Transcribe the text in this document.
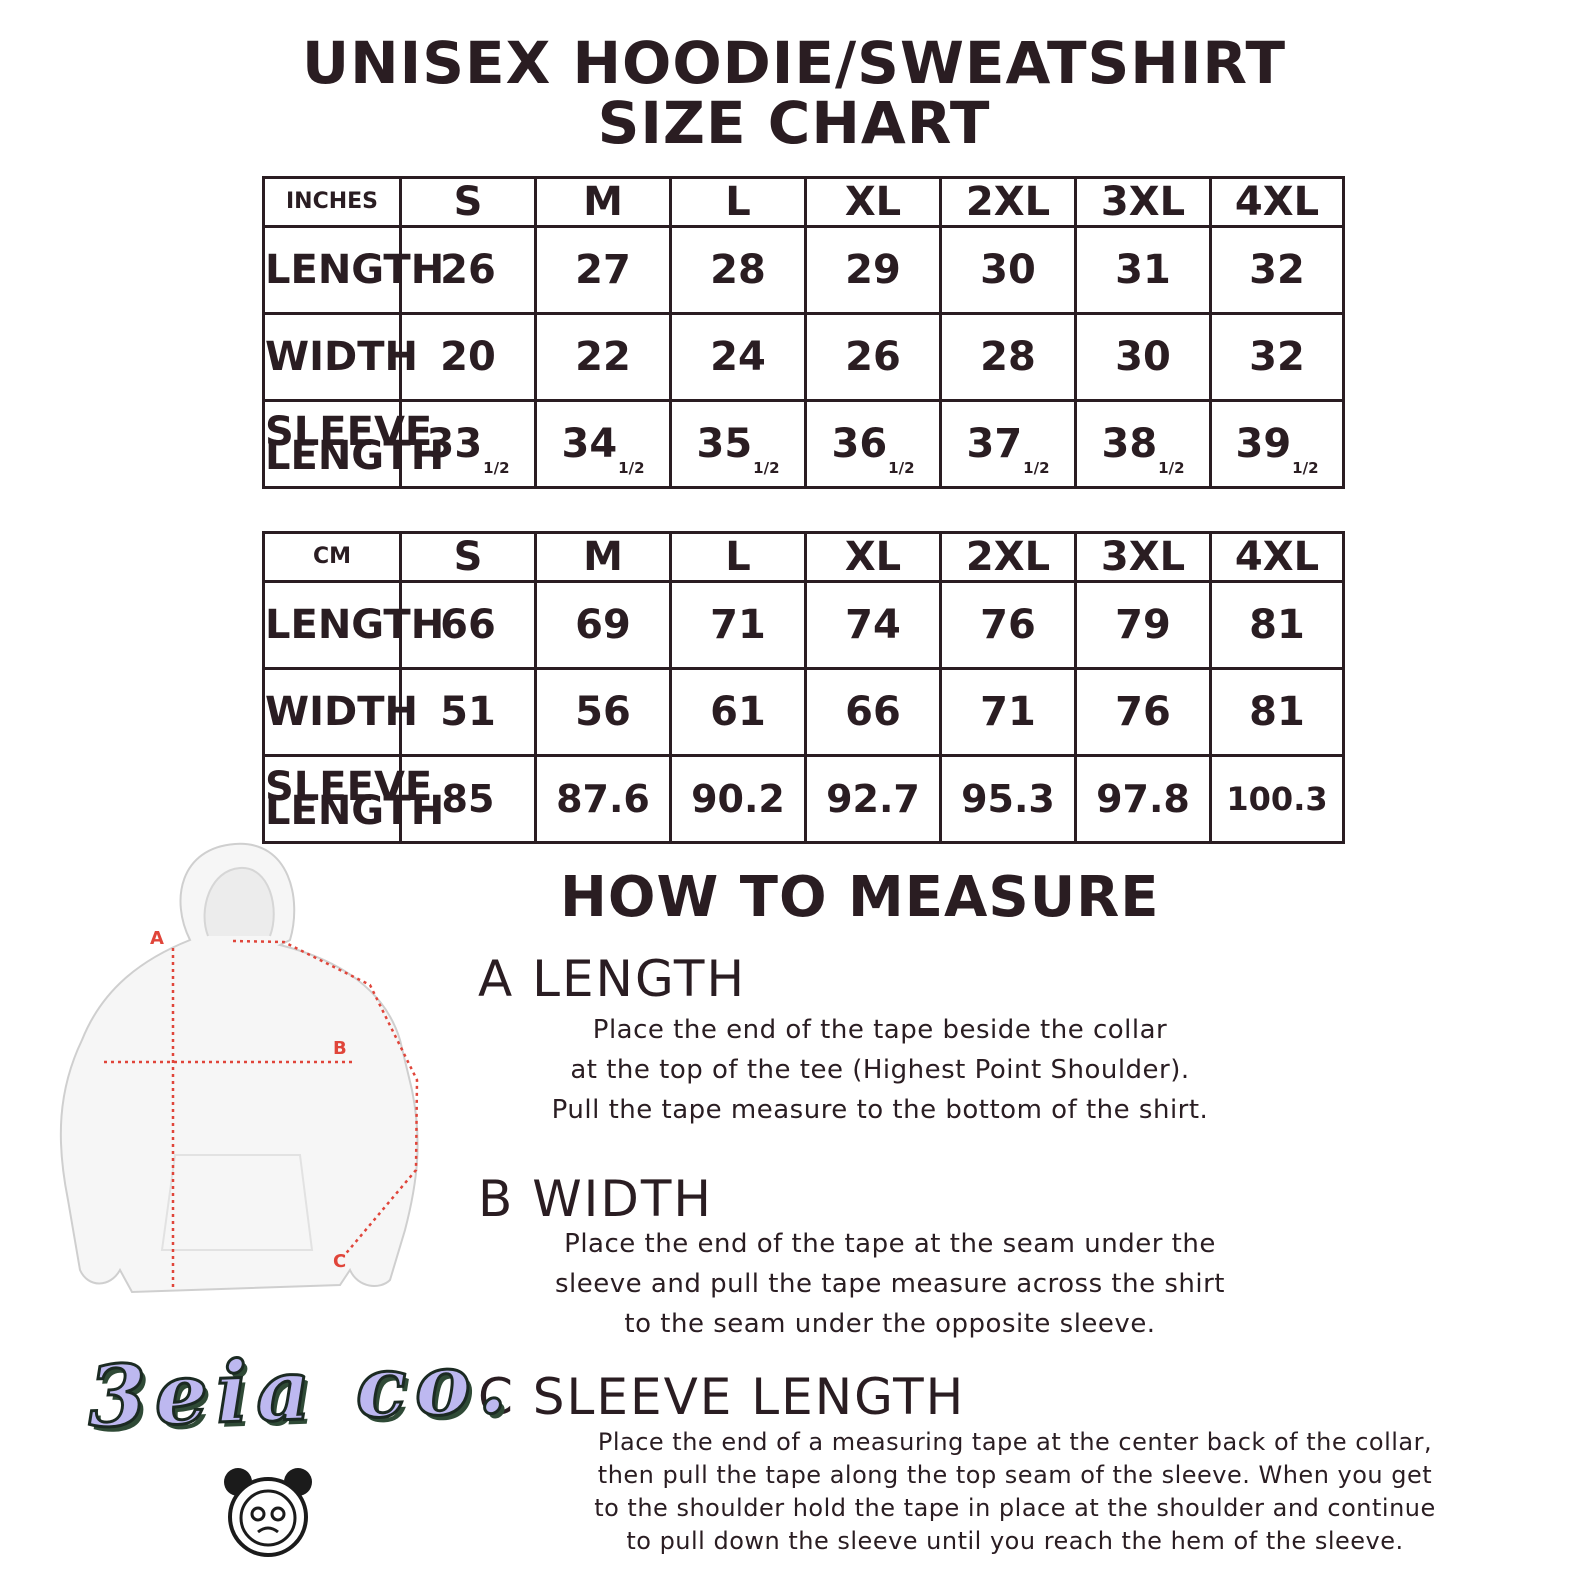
UNISEX HOODIE/SWEATSHIRT
SIZE CHART
INCHES	S	M	L	XL	2XL	3XL	4XL
LENGTH	26	27	28	29	30	31	32
WIDTH	20	22	24	26	28	30	32
SLEEVE LENGTH	$33_{1/2}$	$34_{1/2}$	$35_{1/2}$	$36_{1/2}$	$37_{1/2}$	$38_{1/2}$	$39_{1/2}$
CM	S	M	L	XL	2XL	3XL	4XL
LENGTH	66	69	71	74	76	79	81
WIDTH	51	56	61	66	71	76	81
SLEEVE LENGTH	85	87.6	90.2	92.7	95.3	97.8	100.3
A
B
C
HOW TO MEASURE
A LENGTH
Place the end of the tape beside the collar
at the top of the tee (Highest Point Shoulder).
Pull the tape measure to the bottom of the shirt.
B WIDTH
Place the end of the tape at the seam under the
sleeve and pull the tape measure across the shirt
to the seam under the opposite sleeve.
C SLEEVE LENGTH
Place the end of a measuring tape at the center back of the collar,
then pull the tape along the top seam of the sleeve. When you get
to the shoulder hold the tape in place at the shoulder and continue
to pull down the sleeve until you reach the hem of the sleeve.
3eia co.
